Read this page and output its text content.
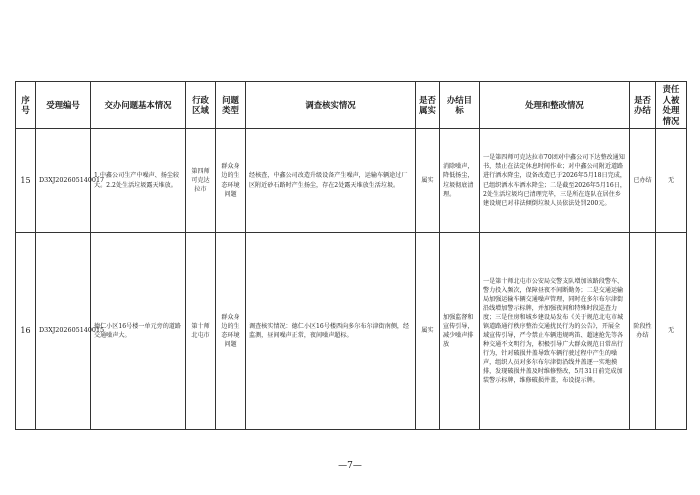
序号	受理编号	交办问题基本情况	行政区域	问题类型	调查核实情况	是否属实	办结目标	处理和整改情况	是否办结	责任人被处理情况
15	D3XJ202605140017	1.中鑫公司生产中噪声、扬尘较大。2.2处生活垃圾露天堆放。	第四师可克达拉市	群众身边的生态环境问题	经核查，中鑫公司改造升级设备产生噪声，运输车辆途过厂区附近砂石路时产生扬尘，存在2处露天堆放生活垃圾。	属实	消除噪声，降低扬尘，垃圾彻底清理。	一是第四师可克达拉市70团对中鑫公司下达整改通知书，禁止在法定休息时间作业；对中鑫公司附近道路进行洒水降尘，设备改造已于2026年5月18日完成，已组织洒水车洒水降尘；二是截至2026年5月16日，2处生活垃圾均已清理完毕，三是所在连队在居住乡建设规已对非法倾倒垃圾人员依法处罚200元。	已办结	无
16	D3XJ202605140015	德仁小区16号楼一单元旁的道路交通噪声大。	第十师北屯市	群众身边的生态环境问题	调查核实情况：德仁小区16号楼西向多尔布尔津街南侧，经监测，昼间噪声正常，夜间噪声超标。	属实	加强监督和宣传引导，减少噪声排放	一是第十师北屯市公安局交警支队增加该路段警车、警力投入频次，保障昼夜不间断勤务；二是交通运输局加强运输车辆交通噪声管理，同时在多尔布尔津街沿线增加警示标牌，并加强夜间和特殊时段巡查力度；三是住房和城乡建设局发布《关于规范北屯市城镇道路通行秩序整治交通扰民行为的公告》，开展全域宣传引导，严令禁止车辆违规鸣笛、超速抢先等各种交通不文明行为，积极引导广大群众规范日常出行行为，针对破损井盖导致车辆行驶过程中产生的噪声，组织人员对多尔布尔津街沿线井盖逐一实地摸排，发现破损井盖及时维修整改，5月31日前完成加装警示标牌，维修破损井盖，布设提示牌。	阶段性办结	无
—7—
